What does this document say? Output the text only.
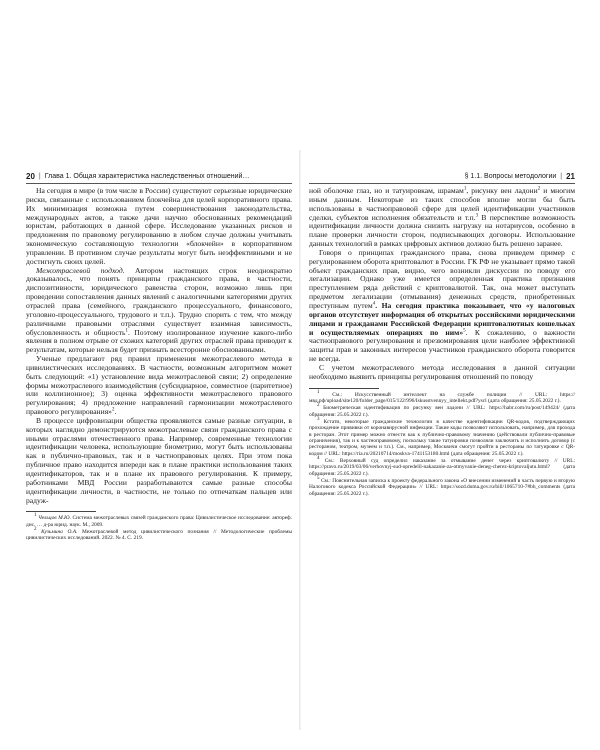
20 | Глава 1. Общая характеристика наследственных отношений…

На сегодня в мире (в том числе в России) существуют серьезные юридические риски, связанные с использованием блокчейна для целей корпоративного права. Их минимизация возможна путем совершенствования законодательства, международных актов, а также дачи научно обоснованных рекомендаций юристам, работающих в данной сфере. Исследование указанных рисков и предложения по правовому регулированию в любом случае должны учитывать экономическую составляющую технологии «блокчейн» в корпоративном управлении. В противном случае результаты могут быть неэффективными и не достигнуть своих целей.

Межотраслевой подход. Автором настоящих строк неоднократно доказывалось, что понять принципы гражданского права, в частности, диспозитивности, юридического равенства сторон, возможно лишь при проведении сопоставления данных явлений с аналогичными категориями других отраслей права (семейного, гражданского процессуального, финансового, уголовно-процессуального, трудового и т.п.). Трудно спорить с тем, что между различными правовыми отраслями существует взаимная зависимость, обусловленность и общность$^1$. Поэтому изолированное изучение какого-либо явления в полном отрыве от схожих категорий других отраслей права приводит к результатам, которые нельзя будет признать всесторонне обоснованными.

Ученые предлагают ряд правил применения межотраслевого метода в цивилистических исследованиях. В частности, возможным алгоритмом может быть следующий: «1) установление вида межотраслевой связи; 2) определение формы межотраслевого взаимодействия (субсидиарное, совместное (паритетное) или коллизионное); 3) оценка эффективности межотраслевого правового регулирования; 4) предложение направлений гармонизации межотраслевого правового регулирования»$^2$.

В процессе цифровизации общества проявляются самые разные ситуации, в которых наглядно демонстрируются межотраслевые связи гражданского права с иными отраслями отечественного права. Например, современные технологии идентификации человека, использующие биометрию, могут быть использованы как в публично-правовых, так и в частноправовых целях. При этом пока публичное право находится впереди как в плане практики использования таких идентификаторов, так и в плане их правового регулирования. К примеру, работниками МВД России разработываются самые разные способы идентификации личности, в частности, не только по отпечаткам пальцев или радуж-

$^1$ Чельцов М.Ю. Система межотраслевых связей гражданского права: Цивилистическое исследование: автореф. дис. … д-ра юрид. наук. М., 2009.

$^2$ Кузьмина О.А. Межотраслевой метод цивилистического познания // Методологические проблемы цивилистических исследований. 2022. № 4. С. 219.

§ 1.1. Вопросы методологии | 21

ной оболочке глаз, но и татуировкам, шрамам$^1$, рисунку вен ладони$^2$ и многим иным данным. Некоторые из таких способов вполне могли бы быть использованы в частноправовой сфере для целей идентификации участников сделки, субъектов исполнения обязательств и т.п.$^3$ В перспективе возможность идентификации личности должна снизить нагрузку на нотариусов, особенно в плане проверки личности сторон, подписывающих договоры. Использование данных технологий в рамках цифровых активов должно быть решено заранее.

Говоря о принципах гражданского права, снова приведем пример с регулированием оборота криптовалют в России. ГК РФ не указывает прямо такой объект гражданских прав, видно, чего возникли дискуссии по поводу его легализации. Однако уже имеется определенная практика признания преступлением ряда действий с криптовалютой. Так, она может выступать предметом легализации (отмывания) денежных средств, приобретенных преступным путем$^4$. На сегодня практика показывает, что «у налоговых органов отсутствует информация об открытых российскими юридическими лицами и гражданами Российской Федерации криптовалютных кошельках и осуществляемых операциях по ним»$^5$. К сожалению, о важности частноправового регулирования и презюмирования цели наиболее эффективной защиты прав и законных интересов участников гражданского оборота говорится не всегда.

С учетом межотраслевого метода исследования в данной ситуации необходимо выявить принципы регулирования отношений по поводу

$^1$ См.: Искусственный интеллект на службе полиции // URL: https://мвд.рф/upload/site120/folder_page/015/122/996/Iskusstvennyy_intellekt.pdf?yscl (дата обращения: 25.05.2022 г.).

$^2$ Биометрическая идентификация по рисунку вен ладони // URL: https://habr.com/ru/post/149424/ (дата обращения: 25.05.2022 г.).

$^3$ Кстати, некоторые гражданские технологии в качестве идентификации QR-кодов, подтверждающих прохождение прививки от коронавирусной инфекции. Такие коды позволяют использовать, например, для прохода в ресторан. Этот пример можно отнести как к публично-правовому значению (действовали публично-правовые ограничения), так и к частноправовому, поскольку такие татуировки позволяли заключить и исполнить договор (с рестораном, театром, музеем и т.п.). См., например, Москвичи смогут пройти в рестораны по татуировке с QR-кодом // URL: https://ria.ru/20210714/moskva-1741153180.html (дата обращения: 25.05.2022 г.).

$^4$ См.: Верховный суд определил наказание за отмывание денег через криптовалюту // URL: https://pravo.ru/2019/03/06/verhovnyj-sud-opredelil-nakazanie-za-otmyvanie-deneg-cherez-kriptovaljutu.html? (дата обращения: 25.05.2022 г.).

$^5$ См.: Пояснительная записка к проекту федерального закона «О внесении изменений в часть первую и вторую Налогового кодекса Российской Федерации» // URL: https://sozd.duma.gov.ru/bill/1065710-7#bh_comments (дата обращения: 25.05.2022 г.).
